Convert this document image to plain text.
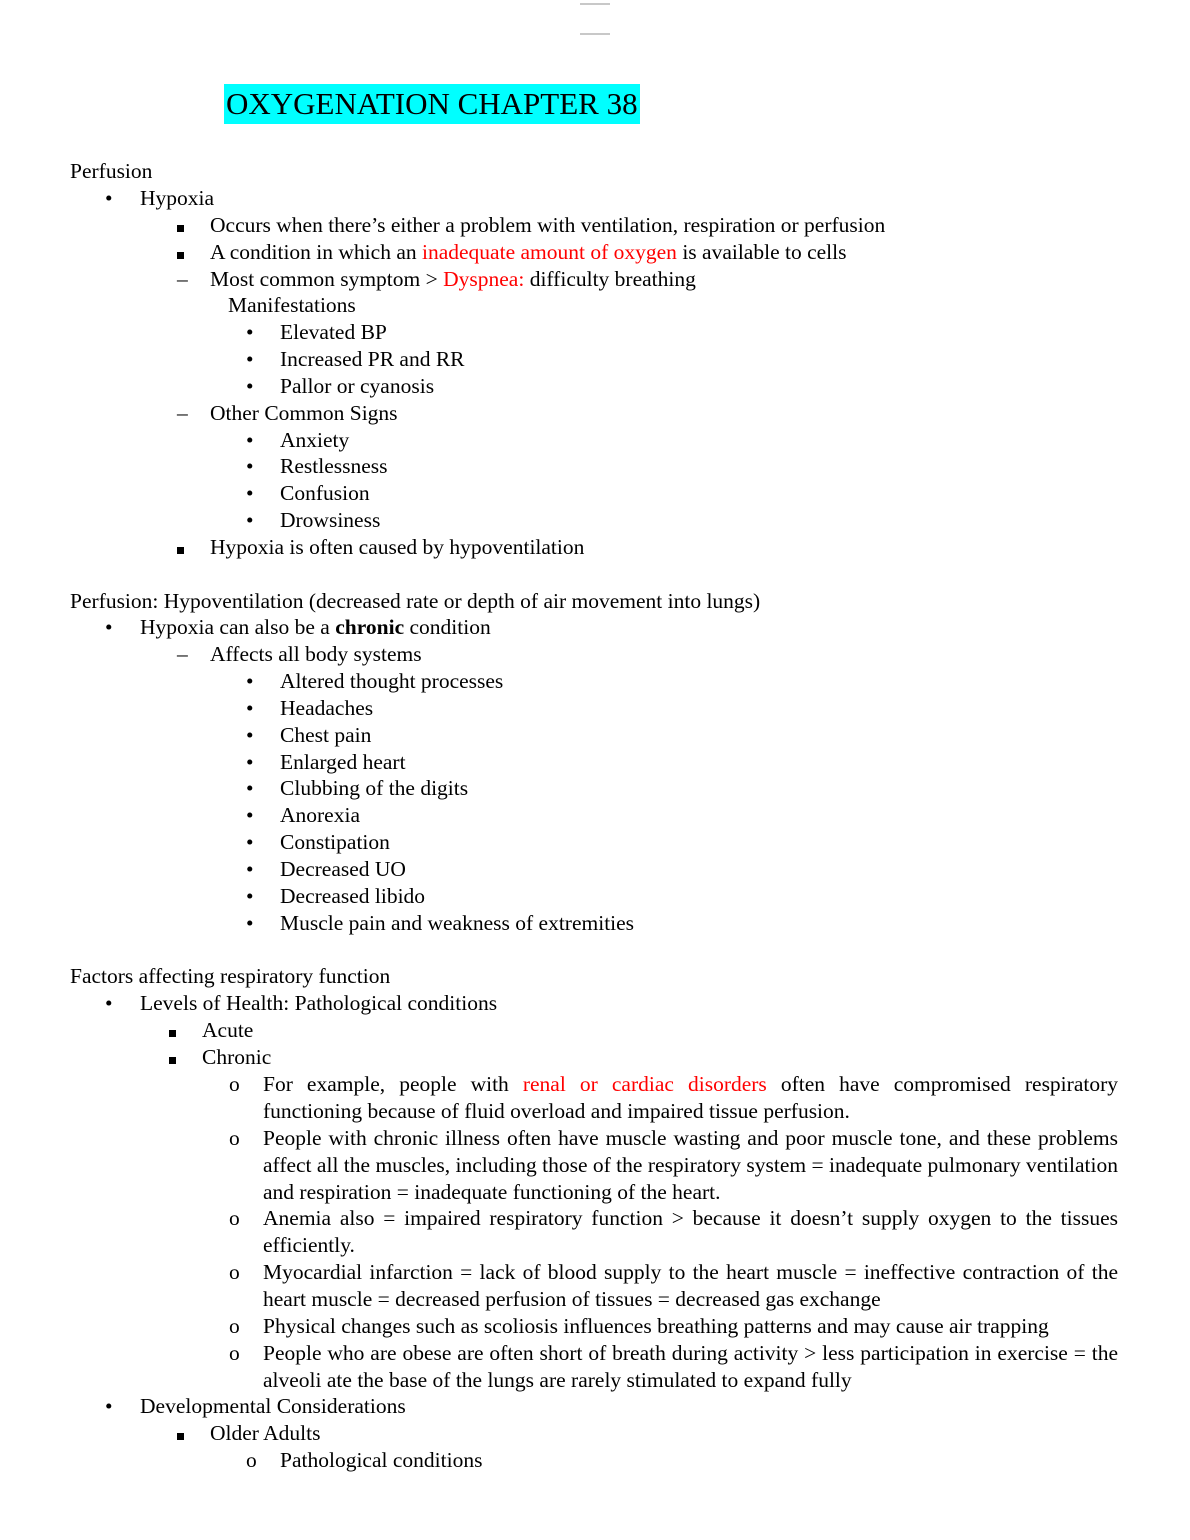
OXYGENATION CHAPTER 38
Perfusion
• Hypoxia
Occurs when there’s either a problem with ventilation, respiration or perfusion
A condition in which an inadequate amount of oxygen is available to cells
– Most common symptom > Dyspnea: difficulty breathing
Manifestations
• Elevated BP
• Increased PR and RR
• Pallor or cyanosis
– Other Common Signs
• Anxiety
• Restlessness
• Confusion
• Drowsiness
Hypoxia is often caused by hypoventilation
Perfusion: Hypoventilation (decreased rate or depth of air movement into lungs)
• Hypoxia can also be a chronic condition
– Affects all body systems
• Altered thought processes
• Headaches
• Chest pain
• Enlarged heart
• Clubbing of the digits
• Anorexia
• Constipation
• Decreased UO
• Decreased libido
• Muscle pain and weakness of extremities
Factors affecting respiratory function
• Levels of Health: Pathological conditions
Acute
Chronic
o For example, people with renal or cardiac disorders often have compromised respiratory functioning because of fluid overload and impaired tissue perfusion.
o People with chronic illness often have muscle wasting and poor muscle tone, and these problems affect all the muscles, including those of the respiratory system = inadequate pulmonary ventilation and respiration = inadequate functioning of the heart.
o Anemia also = impaired respiratory function > because it doesn’t supply oxygen to the tissues efficiently.
o Myocardial infarction = lack of blood supply to the heart muscle = ineffective contraction of the heart muscle = decreased perfusion of tissues = decreased gas exchange
o Physical changes such as scoliosis influences breathing patterns and may cause air trapping
o People who are obese are often short of breath during activity > less participation in exercise = the alveoli ate the base of the lungs are rarely stimulated to expand fully
• Developmental Considerations
Older Adults
o Pathological conditions
